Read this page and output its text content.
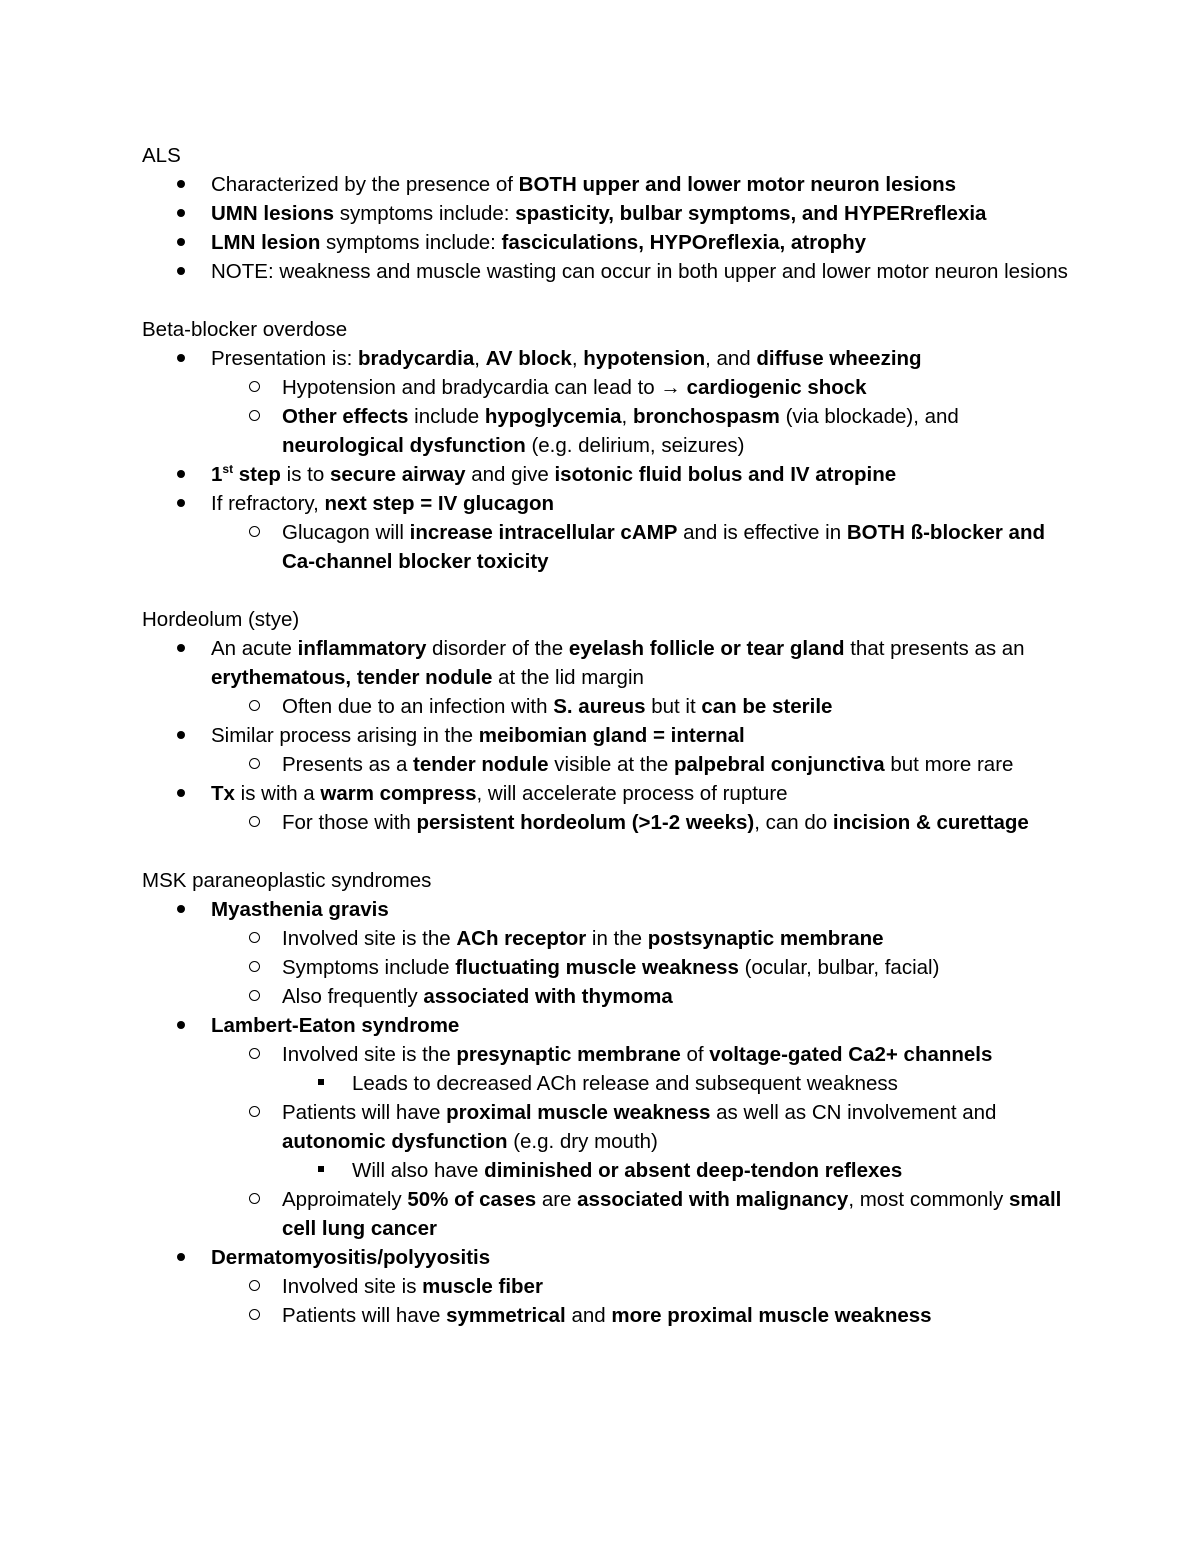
ALS

Characterized by the presence of BOTH upper and lower motor neuron lesions

UMN lesions symptoms include: spasticity, bulbar symptoms, and HYPERreflexia

LMN lesion symptoms include: fasciculations, HYPOreflexia, atrophy

NOTE: weakness and muscle wasting can occur in both upper and lower motor neuron lesions

Beta-blocker overdose

Presentation is: bradycardia, AV block, hypotension, and diffuse wheezing

Hypotension and bradycardia can lead to → cardiogenic shock

Other effects include hypoglycemia, bronchospasm (via blockade), and neurological dysfunction (e.g. delirium, seizures)

1st step is to secure airway and give isotonic fluid bolus and IV atropine

If refractory, next step = IV glucagon

Glucagon will increase intracellular cAMP and is effective in BOTH ß-blocker and Ca-channel blocker toxicity

Hordeolum (stye)

An acute inflammatory disorder of the eyelash follicle or tear gland that presents as an erythematous, tender nodule at the lid margin

Often due to an infection with S. aureus but it can be sterile

Similar process arising in the meibomian gland = internal

Presents as a tender nodule visible at the palpebral conjunctiva but more rare

Tx is with a warm compress, will accelerate process of rupture

For those with persistent hordeolum (>1-2 weeks), can do incision & curettage

MSK paraneoplastic syndromes

Myasthenia gravis

Involved site is the ACh receptor in the postsynaptic membrane

Symptoms include fluctuating muscle weakness (ocular, bulbar, facial)

Also frequently associated with thymoma

Lambert-Eaton syndrome

Involved site is the presynaptic membrane of voltage-gated Ca2+ channels

Leads to decreased ACh release and subsequent weakness

Patients will have proximal muscle weakness as well as CN involvement and autonomic dysfunction (e.g. dry mouth)

Will also have diminished or absent deep-tendon reflexes

Approimately 50% of cases are associated with malignancy, most commonly small cell lung cancer

Dermatomyositis/polyyositis

Involved site is muscle fiber

Patients will have symmetrical and more proximal muscle weakness
